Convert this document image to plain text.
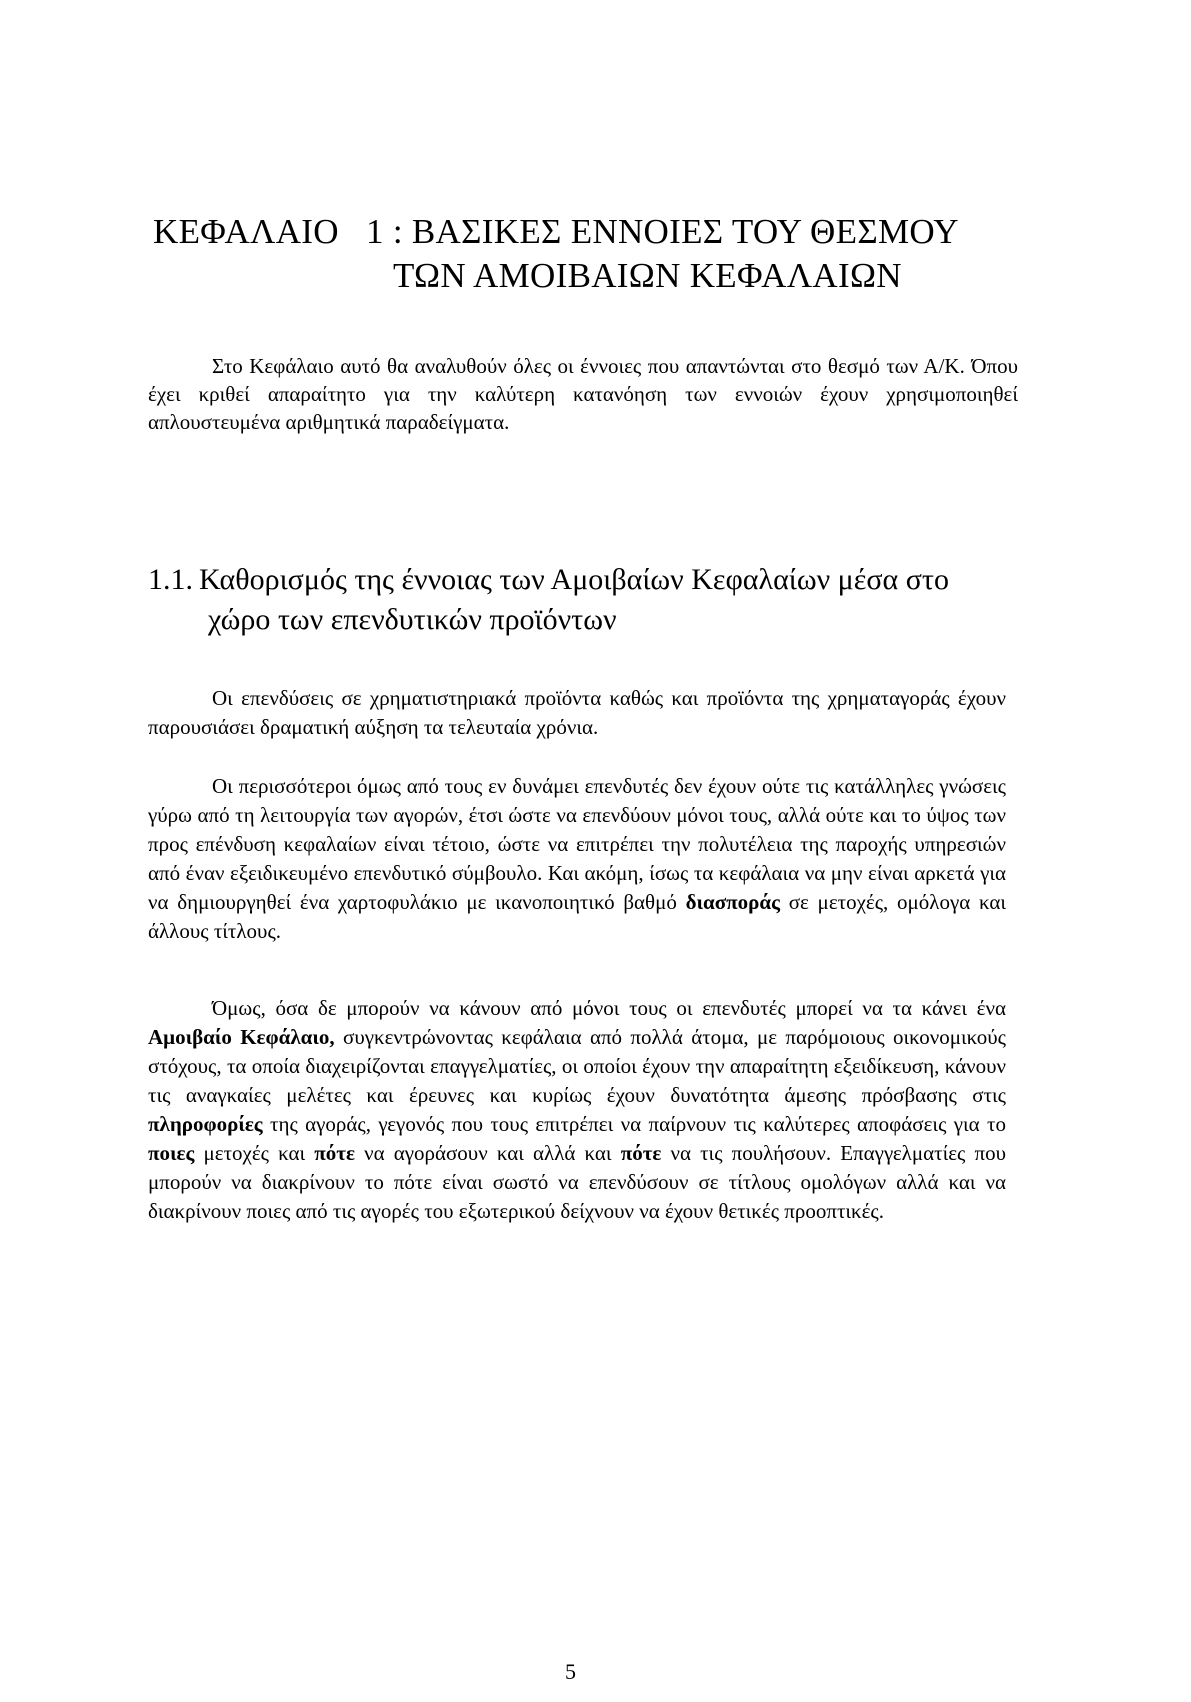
ΚΕΦΑΛΑΙΟ   1 : ΒΑΣΙΚΕΣ ΕΝΝΟΙΕΣ ΤΟΥ ΘΕΣΜΟΥ
ΤΩΝ ΑΜΟΙΒΑΙΩΝ ΚΕΦΑΛΑΙΩΝ

Στο Κεφάλαιο αυτό θα αναλυθούν όλες οι έννοιες που απαντώνται στο θεσμό των Α/Κ. Όπου έχει κριθεί απαραίτητο για την καλύτερη κατανόηση των εννοιών έχουν χρησιμοποιηθεί απλουστευμένα αριθμητικά παραδείγματα.

1.1. Καθορισμός της έννοιας των Αμοιβαίων Κεφαλαίων μέσα στο
χώρο των επενδυτικών προϊόντων

Οι επενδύσεις σε χρηματιστηριακά προϊόντα καθώς και προϊόντα της χρηματαγοράς έχουν παρουσιάσει δραματική αύξηση τα τελευταία χρόνια.

Οι περισσότεροι όμως από τους εν δυνάμει επενδυτές δεν έχουν ούτε τις κατάλληλες γνώσεις γύρω από τη λειτουργία των αγορών, έτσι ώστε να επενδύουν μόνοι τους, αλλά ούτε και το ύψος των προς επένδυση κεφαλαίων είναι τέτοιο, ώστε να επιτρέπει την πολυτέλεια της παροχής υπηρεσιών από έναν εξειδικευμένο επενδυτικό σύμβουλο. Και ακόμη, ίσως τα κεφάλαια να μην είναι αρκετά για να δημιουργηθεί ένα χαρτοφυλάκιο με ικανοποιητικό βαθμό διασποράς σε μετοχές, ομόλογα και άλλους τίτλους.

Όμως, όσα δε μπορούν να κάνουν από μόνοι τους οι επενδυτές μπορεί να τα κάνει ένα Αμοιβαίο Κεφάλαιο, συγκεντρώνοντας κεφάλαια από πολλά άτομα, με παρόμοιους οικονομικούς στόχους, τα οποία διαχειρίζονται επαγγελματίες, οι οποίοι έχουν την απαραίτητη εξειδίκευση, κάνουν τις αναγκαίες μελέτες και έρευνες και κυρίως έχουν δυνατότητα άμεσης πρόσβασης στις πληροφορίες της αγοράς, γεγονός που τους επιτρέπει να παίρνουν τις καλύτερες αποφάσεις για το ποιες μετοχές και πότε να αγοράσουν και αλλά και πότε να τις πουλήσουν. Επαγγελματίες που μπορούν να διακρίνουν το πότε είναι σωστό να επενδύσουν σε τίτλους ομολόγων αλλά και να διακρίνουν ποιες από τις αγορές του εξωτερικού δείχνουν να έχουν θετικές προοπτικές.

5
